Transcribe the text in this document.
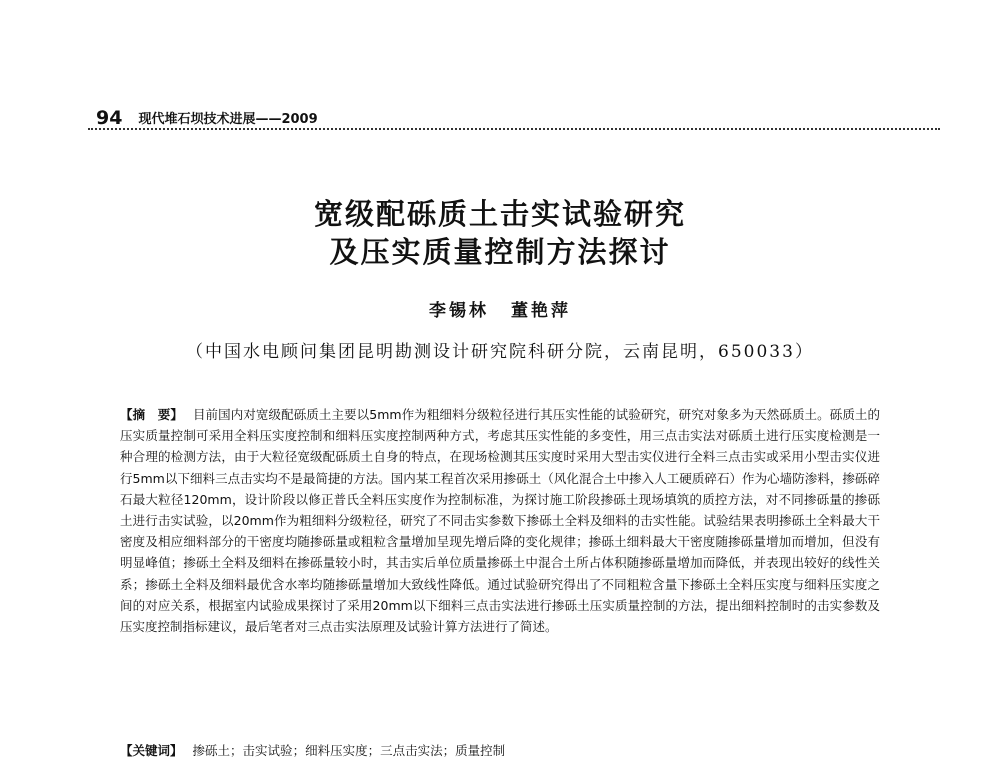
94 现代堆石坝技术进展——2009
宽级配砾质土击实试验研究
及压实质量控制方法探讨
李锡林 董艳萍
（中国水电顾问集团昆明勘测设计研究院科研分院，云南昆明，650033）
【摘　要】 目前国内对宽级配砾质土主要以5mm作为粗细料分级粒径进行其压实性能的试验研究，研究对象多为天然砾质土。砾质土的压实质量控制可采用全料压实度控制和细料压实度控制两种方式，考虑其压实性能的多变性，用三点击实法对砾质土进行压实度检测是一种合理的检测方法，由于大粒径宽级配砾质土自身的特点，在现场检测其压实度时采用大型击实仪进行全料三点击实或采用小型击实仪进行5mm以下细料三点击实均不是最简捷的方法。国内某工程首次采用掺砾土（风化混合土中掺入人工硬质碎石）作为心墙防渗料，掺砾碎石最大粒径120mm，设计阶段以修正普氏全料压实度作为控制标准，为探讨施工阶段掺砾土现场填筑的质控方法，对不同掺砾量的掺砾土进行击实试验，以20mm作为粗细料分级粒径，研究了不同击实参数下掺砾土全料及细料的击实性能。试验结果表明掺砾土全料最大干密度及相应细料部分的干密度均随掺砾量或粗粒含量增加呈现先增后降的变化规律；掺砾土细料最大干密度随掺砾量增加而增加，但没有明显峰值；掺砾土全料及细料在掺砾量较小时，其击实后单位质量掺砾土中混合土所占体积随掺砾量增加而降低，并表现出较好的线性关系；掺砾土全料及细料最优含水率均随掺砾量增加大致线性降低。通过试验研究得出了不同粗粒含量下掺砾土全料压实度与细料压实度之间的对应关系，根据室内试验成果探讨了采用20mm以下细料三点击实法进行掺砾土压实质量控制的方法，提出细料控制时的击实参数及压实度控制指标建议，最后笔者对三点击实法原理及试验计算方法进行了简述。
【关键词】 掺砾土 ； 击实试验 ； 细料压实度 ； 三点击实法 ； 质量控制
